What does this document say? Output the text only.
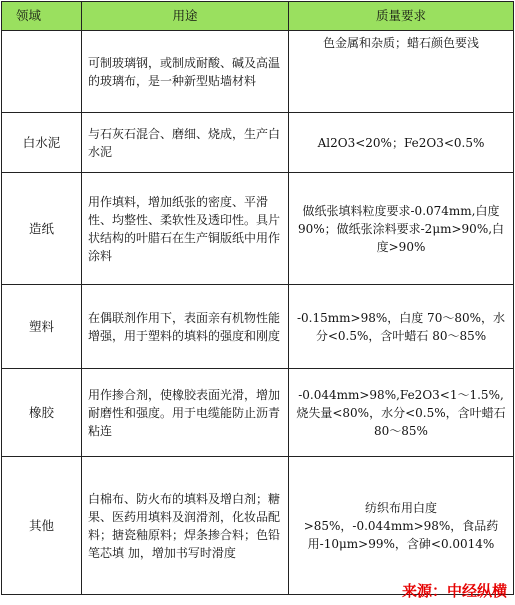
领域	用途	质量要求
	可制玻璃钢，或制成耐酸、碱及高温的玻璃布，是一种新型贴墙材料	色金属和杂质；蜡石颜色要浅
白水泥	与石灰石混合、磨细、烧成，生产白水泥	Al2O3<20%；Fe2O3<0.5%
造纸	用作填料，增加纸张的密度、平滑性、均整性、柔软性及透印性。具片状结构的叶腊石在生产铜版纸中用作涂料	做纸张填料粒度要求-0.074mm,白度 90%；做纸张涂料要求-2μm>90%,白度>90%
塑料	在偶联剂作用下，表面亲有机物性能增强，用于塑料的填料的强度和刚度	-0.15mm>98%，白度 70～80%，水分<0.5%，含叶蜡石 80～85%
橡胶	用作掺合剂，使橡胶表面光滑，增加耐磨性和强度。用于电缆能防止沥青粘连	-0.044mm>98%,Fe2O3<1～1.5%,烧失量<80%，水分<0.5%，含叶蜡石 80～85%
其他	白棉布、防火布的填料及增白剂；糖果、医药用填料及润滑剂，化妆品配料；搪瓷釉原料；焊条掺合料；色铅笔芯填 加，增加书写时滑度	纺织布用白度>85%，-0.044mm>98%，食品药用-10μm>99%，含砷<0.0014%
来源：中经纵横
